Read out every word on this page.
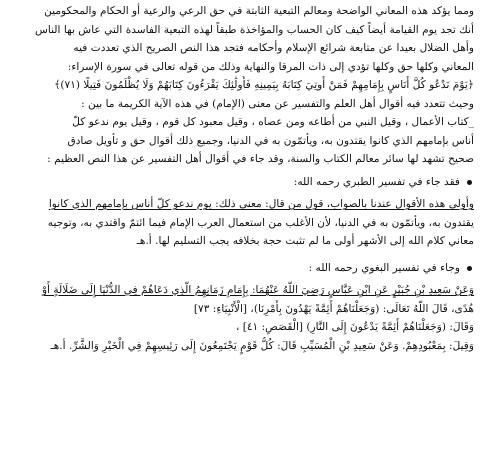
ومما يؤكد هذه المعاني الواضحة ومعالم التبعية الثابتة في حق الرعي والرعية أو الحكام والمحكومين
أنك تجد يوم القيامة أيضاً كيف كان الحساب والمؤاخذة طبقاً لهذه التبعية الفاسدة التي عاش بها الناس
وأهل الضلال بعيدا عن متابعة شرائع الإسلام وأحكامه فتجد هذا النص الصريح الذي تعددت فيه
المعاني وكلها حق وكلها تؤدي إلى ذات المرقا والنهاية وذلك من قوله تعالى في سورة الإسراء:
﴿يَوْمَ نَدْعُو كُلَّ أُنَاسٍ بِإِمَامِهِمْ فَمَنْ أُوتِيَ كِتَابَهُ بِيَمِينِهِ فَأُولَٰئِكَ يَقْرَءُونَ كِتَابَهُمْ وَلَا يُظْلَمُونَ فَتِيلًا (٧١)﴾
وحيث تتعدد فيه أقوال أهل العلم والتفسير عن معنى (الإمام) في هذه الآية الكريمة ما بين :
_كتاب الأعمال ، وقيل النبي من أطاعه ومن عصاه ، وقيل معبود كل قوم ، وقيل يوم ندعو كلّ
أناس بإمامهم الذي كانوا يقتدون به، ويأتمّون به في الدنيا، وجميع ذلك أقوال حق و تأويل صادق
صحيح تشهد لها سائر معالم الكتاب والسنة، وقد جاء في أقوال أهل التفسير عن هذا النص العظيم :
فقد جاء في تفسير الطبري رحمه الله:
وأولى هذه الأقوال عندنا بالصواب، قول من قال: معنى ذلك: يوم ندعو كلّ أناس بإمامهم الذي كانوا
يقتدون به، ويأتمّون به في الدنيا، لأن الأغلب من استعمال العرب الإمام فيما ائتمّ واقتدي به، وتوجيه
معاني كلام الله إلى الأشهر أولى ما لم تثبت حجة بخلافه يجب التسليم لها. أ.هـ
وجاء في تفسير البغوي رحمه الله :
وَعَنْ سَعِيدِ بْنِ جُبَيْرٍ عَنِ ابْنِ عَبَّاسٍ رَضِيَ اللَّهُ عَنْهُمَا: بِإِمَامِ زَمَانِهِمُ الَّذِي دَعَاهُمْ فِي الدُّنْيَا إِلَى ضَلَالَةٍ أَوْ
هُدًى، قَالَ اللَّهُ تَعَالَى: (وَجَعَلْنَاهُمْ أَئِمَّةً يَهْدُونَ بِأَمْرِنَا)، [الْأَنْبِيَاءِ: ٧٣]
وَقَالَ: (وَجَعَلْنَاهُمْ أَئِمَّةً يَدْعُونَ إِلَى النَّارِ) [الْقَصَصِ: ٤١] ،
وَقِيلَ: بِمَعْبُودِهِمْ. وَعَنْ سَعِيدِ بْنِ الْمُسَيِّبِ قَالَ: كُلُّ قَوْمٍ يَجْتَمِعُونَ إِلَى رَئِيسِهِمْ فِي الْخَيْرِ وَالشَّرِّ. أ.هـ
